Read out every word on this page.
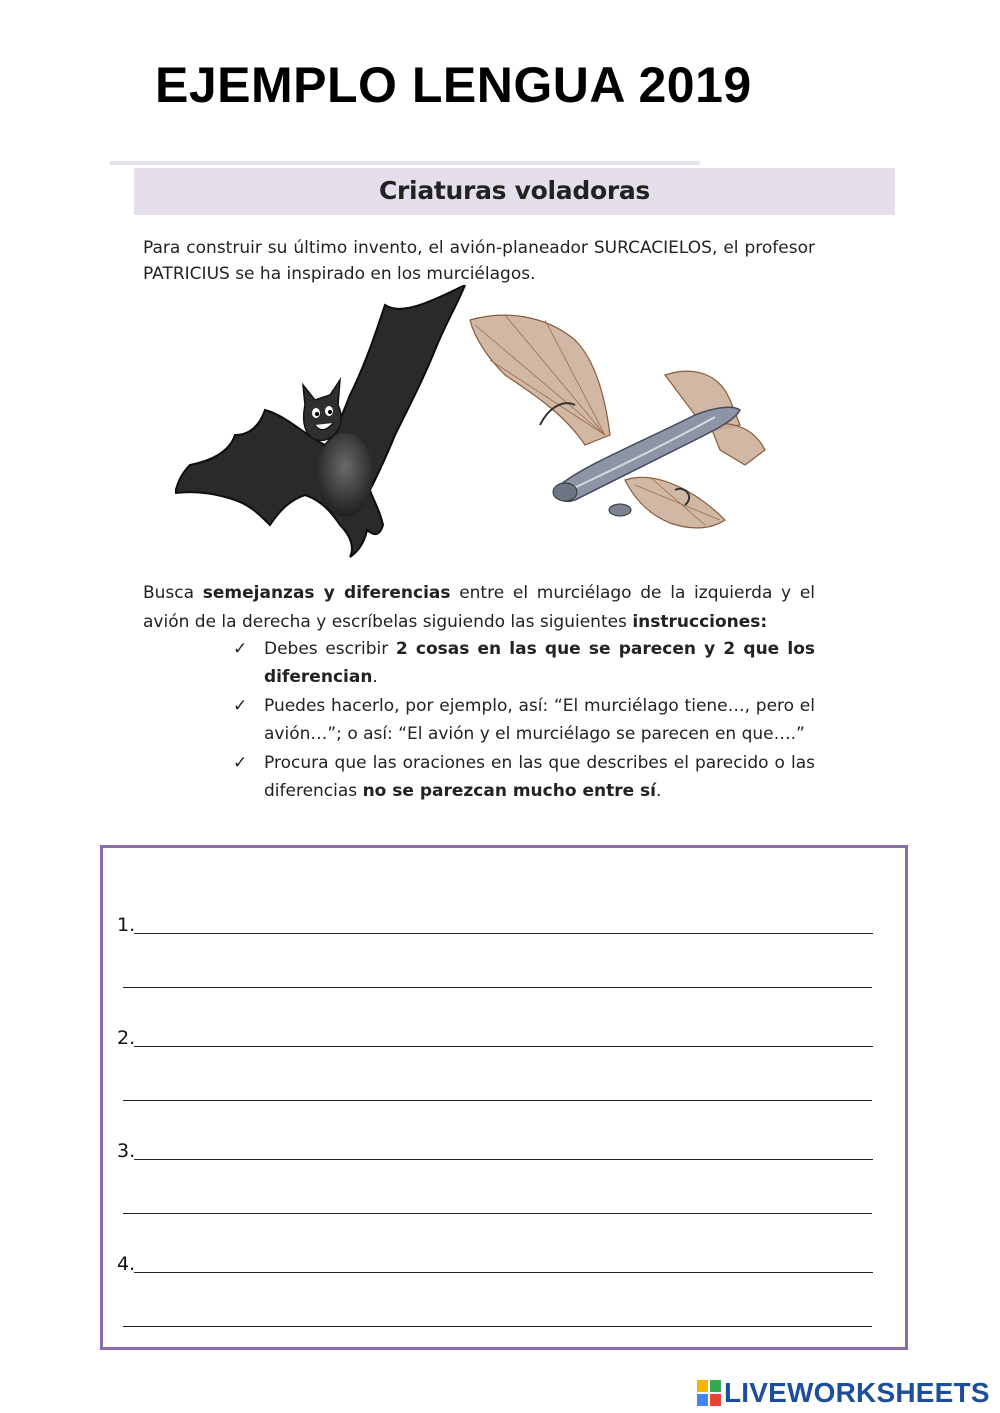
EJEMPLO LENGUA 2019
Criaturas voladoras

Para construir su último invento, el avión-planeador SURCACIELOS, el profesor PATRICIUS se ha inspirado en los murciélagos.

Busca semejanzas y diferencias entre el murciélago de la izquierda y el avión de la derecha y escríbelas siguiendo las siguientes instrucciones:

✓ Debes escribir 2 cosas en las que se parecen y 2 que los diferencian.
✓ Puedes hacerlo, por ejemplo, así: “El murciélago tiene…, pero el avión…”; o así: “El avión y el murciélago se parecen en que….”
✓ Procura que las oraciones en las que describes el parecido o las diferencias no se parezcan mucho entre sí.
1.
2.
3.
4.
LIVEWORKSHEETS
